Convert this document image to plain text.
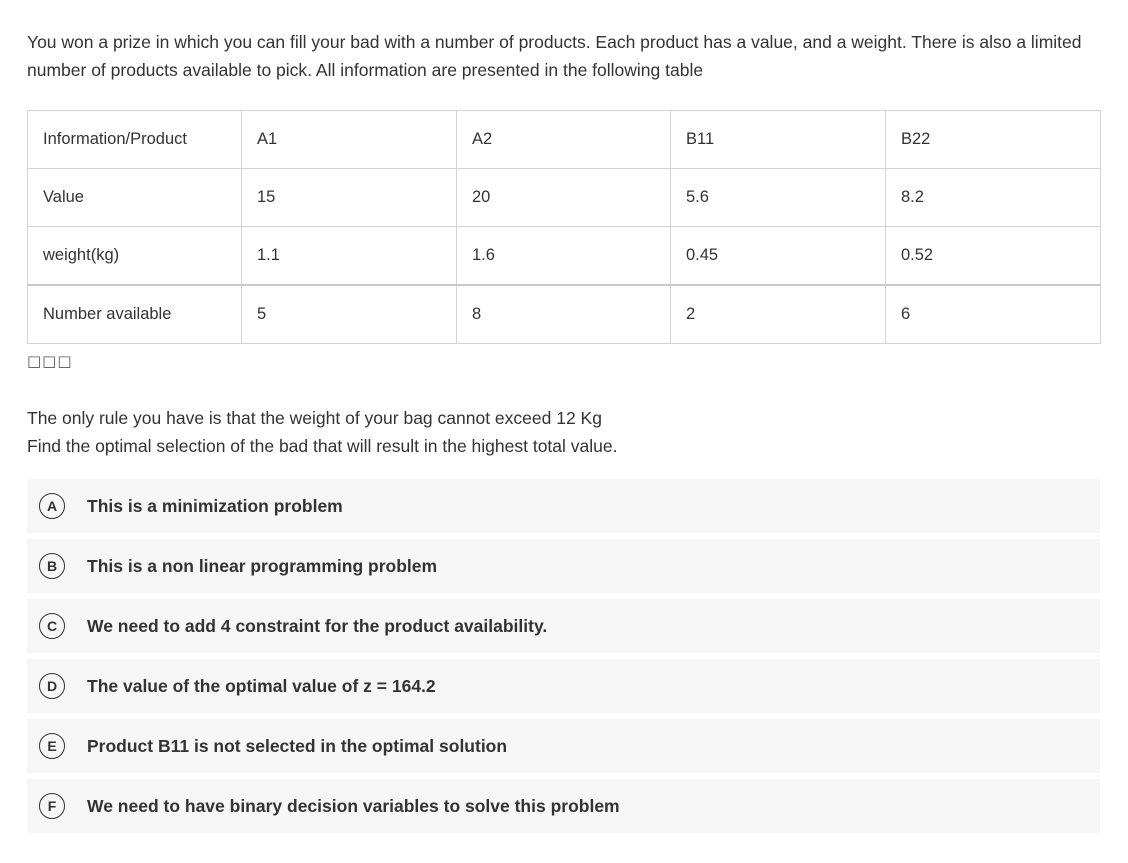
You won a prize in which you can fill your bad with a number of products. Each product has a value, and a weight. There is also a limited number of products available to pick. All information are presented in the following table

Information/Product	A1	A2	B11	B22
Value	15	20	5.6	8.2
weight(kg)	1.1	1.6	0.45	0.52
Number available	5	8	2	6
□□□
The only rule you have is that the weight of your bag cannot exceed 12 Kg
Find the optimal selection of the bad that will result in the highest total value.
A	This is a minimization problem
B	This is a non linear programming problem
C	We need to add 4 constraint for the product availability.
D	The value of the optimal value of z = 164.2
E	Product B11 is not selected in the optimal solution
F	We need to have binary decision variables to solve this problem
